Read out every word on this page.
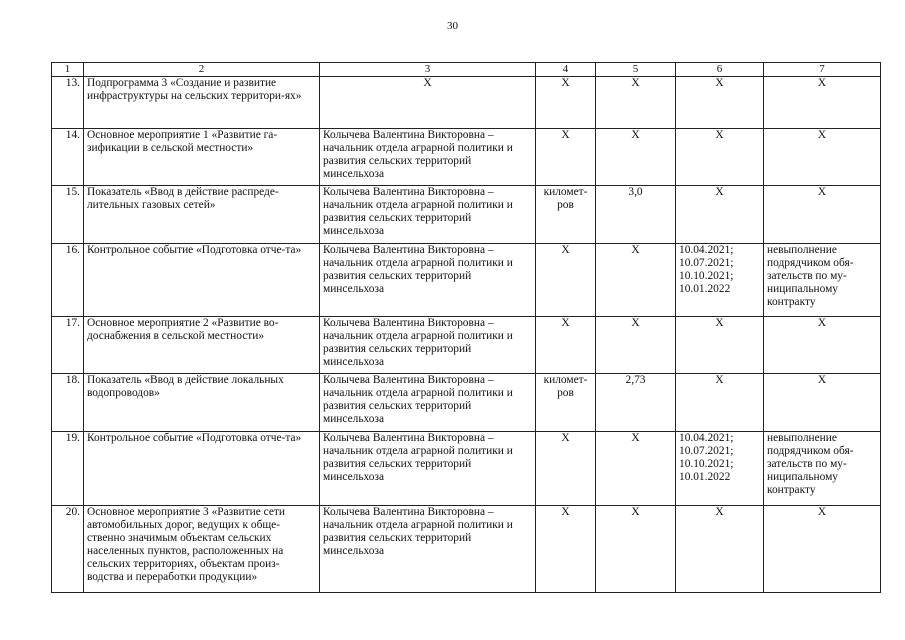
30
1	2	3	4	5	6	7
13.	Подпрограмма 3 «Создание и развитие инфраструктуры на сельских территори-ях»	X	X	X	X	X
14.	Основное мероприятие 1 «Развитие га-зификации в сельской местности»	Колычева Валентина Викторовна – начальник отдела аграрной политики и развития сельских территорий минсельхоза	X	X	X	X
15.	Показатель «Ввод в действие распреде-лительных газовых сетей»	Колычева Валентина Викторовна – начальник отдела аграрной политики и развития сельских территорий минсельхоза	километ-ров	3,0	X	X
16.	Контрольное событие «Подготовка отче-та»	Колычева Валентина Викторовна – начальник отдела аграрной политики и развития сельских территорий минсельхоза	X	X	10.04.2021; 10.07.2021; 10.10.2021; 10.01.2022	невыполнение подрядчиком обя-зательств по му-ниципальному контракту
17.	Основное мероприятие 2 «Развитие во-доснабжения в сельской местности»	Колычева Валентина Викторовна – начальник отдела аграрной политики и развития сельских территорий минсельхоза	X	X	X	X
18.	Показатель «Ввод в действие локальных водопроводов»	Колычева Валентина Викторовна – начальник отдела аграрной политики и развития сельских территорий минсельхоза	километ-ров	2,73	X	X
19.	Контрольное событие «Подготовка отче-та»	Колычева Валентина Викторовна – начальник отдела аграрной политики и развития сельских территорий минсельхоза	X	X	10.04.2021; 10.07.2021; 10.10.2021; 10.01.2022	невыполнение подрядчиком обя-зательств по му-ниципальному контракту
20.	Основное мероприятие 3 «Развитие сети автомобильных дорог, ведущих к обще-ственно значимым объектам сельских населенных пунктов, расположенных на сельских территориях, объектам произ-водства и переработки продукции»	Колычева Валентина Викторовна – начальник отдела аграрной политики и развития сельских территорий минсельхоза	X	X	X	X
